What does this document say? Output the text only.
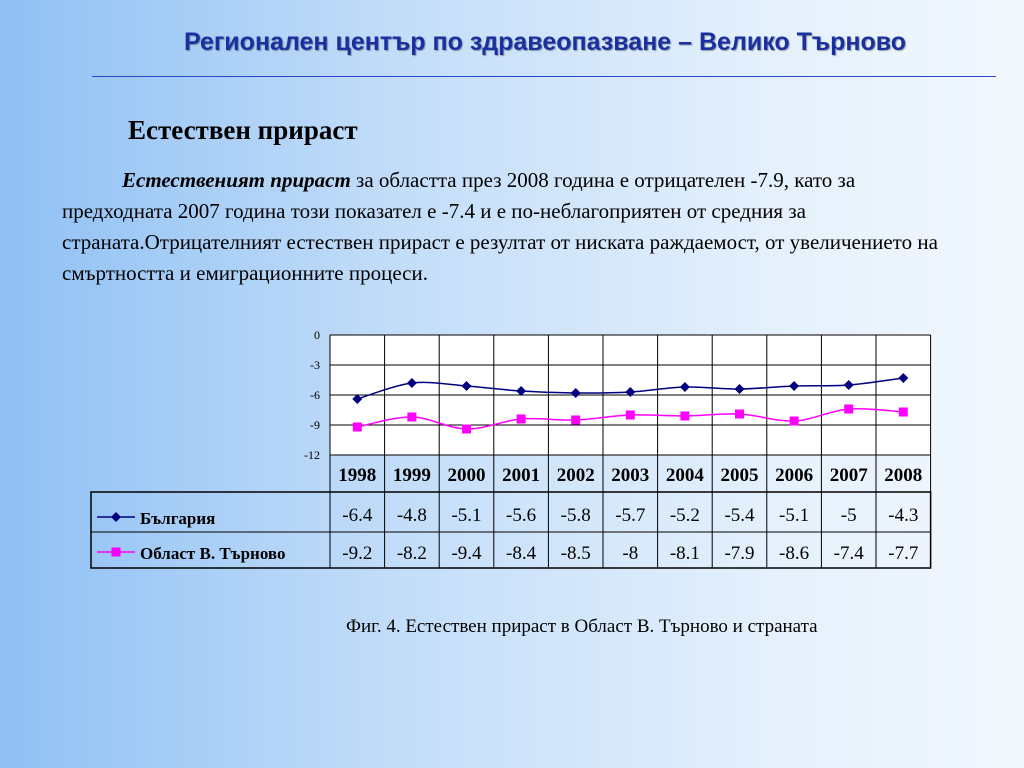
Регионален център по здравеопазване – Велико Търново
Естествен прираст
Естественият прираст за областта през 2008 година е отрицателен -7.9, като за предходната 2007 година този показател е -7.4 и е по-неблагоприятен от средния за страната.Отрицателният естествен прираст е резултат от ниската раждаемост, от увеличението на смъртността и емиграционните процеси.
0
-3
-6
-9
-12
1998 1999 2000 2001 2002 2003 2004 2005 2006 2007 2008
България	-6.4 -4.8 -5.1 -5.6 -5.8 -5.7 -5.2 -5.4 -5.1 -5 -4.3
Област В. Търново	-9.2 -8.2 -9.4 -8.4 -8.5 -8 -8.1 -7.9 -8.6 -7.4 -7.7
Фиг. 4. Естествен прираст в Област В. Търново и страната
